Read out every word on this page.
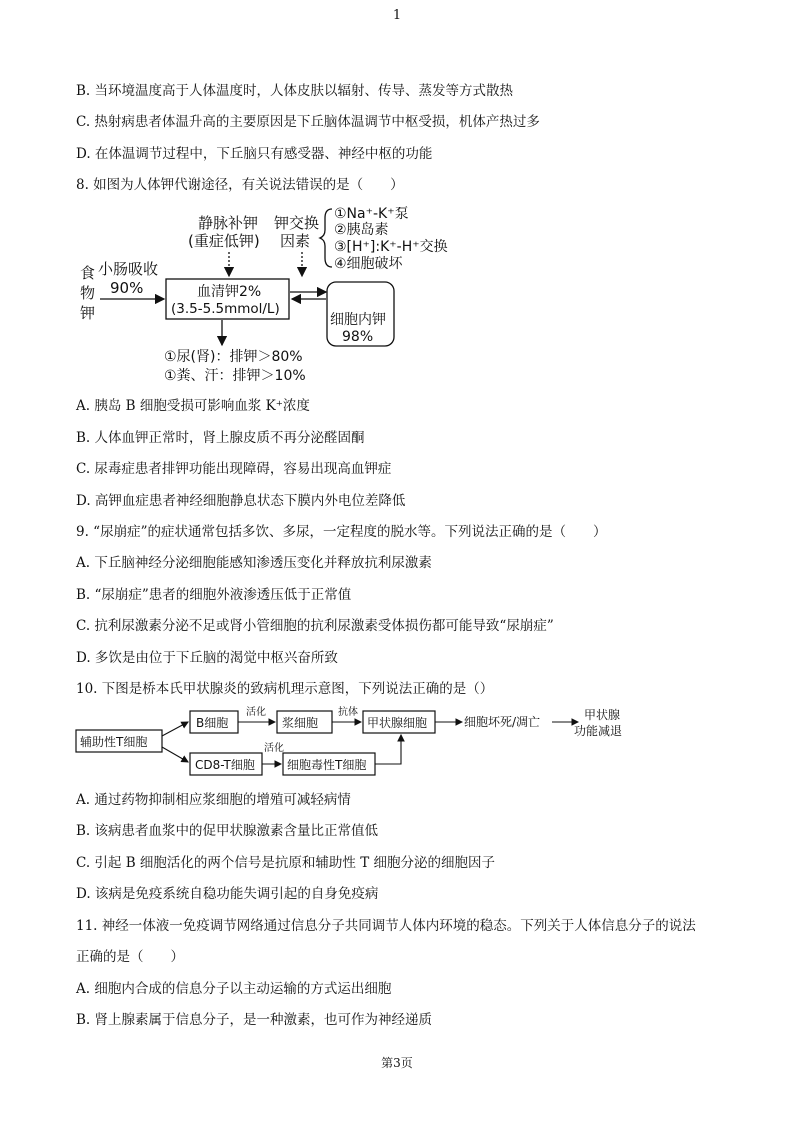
1
B. 当环境温度高于人体温度时，人体皮肤以辐射、传导、蒸发等方式散热
C. 热射病患者体温升高的主要原因是下丘脑体温调节中枢受损，机体产热过多
D. 在体温调节过程中，下丘脑只有感受器、神经中枢的功能
8. 如图为人体钾代谢途径，有关说法错误的是（　　）
食
物
钾
小肠吸收
90%
静脉补钾
(重症低钾)
钾交换
因素
①Na⁺-K⁺泵
②胰岛素
③[H⁺]:K⁺-H⁺交换
④细胞破坏
血清钾2%
(3.5-5.5mmol/L)
细胞内钾
98%
①尿(肾)：排钾＞80%
①粪、汗：排钾＞10%
A. 胰岛 B 细胞受损可影响血浆 K⁺浓度
B. 人体血钾正常时，肾上腺皮质不再分泌醛固酮
C. 尿毒症患者排钾功能出现障碍，容易出现高血钾症
D. 高钾血症患者神经细胞静息状态下膜内外电位差降低
9. “尿崩症”的症状通常包括多饮、多尿，一定程度的脱水等。下列说法正确的是（　　）
A. 下丘脑神经分泌细胞能感知渗透压变化并释放抗利尿激素
B. “尿崩症”患者的细胞外液渗透压低于正常值
C. 抗利尿激素分泌不足或肾小管细胞的抗利尿激素受体损伤都可能导致“尿崩症”
D. 多饮是由位于下丘脑的渴觉中枢兴奋所致
10. 下图是桥本氏甲状腺炎的致病机理示意图，下列说法正确的是（）
辅助性T细胞
B细胞
活化
浆细胞
抗体
甲状腺细胞	细胞坏死/凋亡	甲状腺
功能减退
CD8-T细胞
活化
细胞毒性T细胞
A. 通过药物抑制相应浆细胞的增殖可减轻病情
B. 该病患者血浆中的促甲状腺激素含量比正常值低
C. 引起 B 细胞活化的两个信号是抗原和辅助性 T 细胞分泌的细胞因子
D. 该病是免疫系统自稳功能失调引起的自身免疫病
11. 神经一体液一免疫调节网络通过信息分子共同调节人体内环境的稳态。下列关于人体信息分子的说法
正确的是（　　）
A. 细胞内合成的信息分子以主动运输的方式运出细胞
B. 肾上腺素属于信息分子，是一种激素，也可作为神经递质
第3页
